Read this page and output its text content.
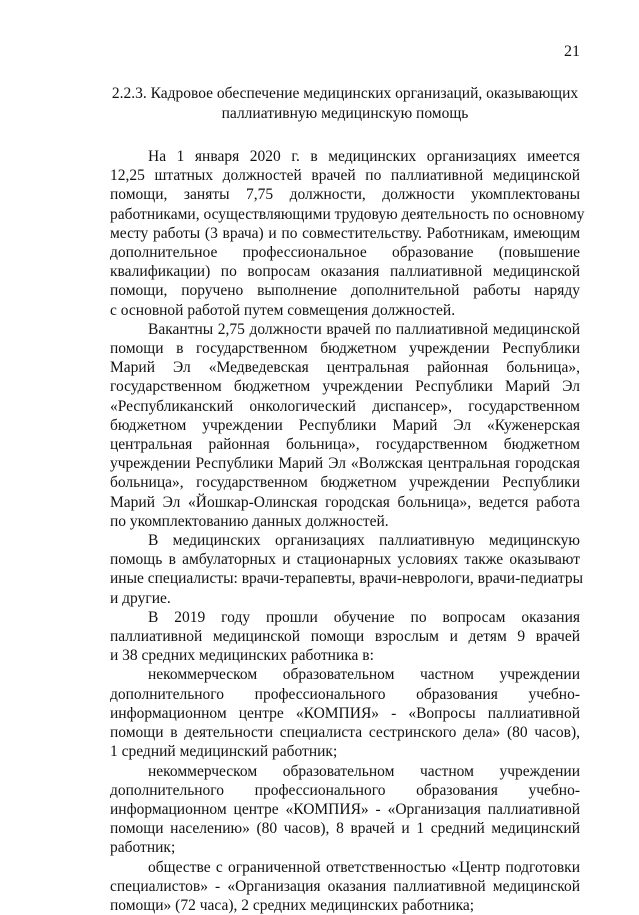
21
2.2.3. Кадровое обеспечение медицинских организаций, оказывающих
паллиативную медицинскую помощь
На 1 января 2020 г. в медицинских организациях имеется
12,25 штатных должностей врачей по паллиативной медицинской
помощи, заняты 7,75 должности, должности укомплектованы
работниками, осуществляющими трудовую деятельность по основному
месту работы (3 врача) и по совместительству. Работникам, имеющим
дополнительное профессиональное образование (повышение
квалификации) по вопросам оказания паллиативной медицинской
помощи, поручено выполнение дополнительной работы наряду
с основной работой путем совмещения должностей.
Вакантны 2,75 должности врачей по паллиативной медицинской
помощи в государственном бюджетном учреждении Республики
Марий Эл «Медведевская центральная районная больница»,
государственном бюджетном учреждении Республики Марий Эл
«Республиканский онкологический диспансер», государственном
бюджетном учреждении Республики Марий Эл «Куженерская
центральная районная больница», государственном бюджетном
учреждении Республики Марий Эл «Волжская центральная городская
больница», государственном бюджетном учреждении Республики
Марий Эл «Йошкар-Олинская городская больница», ведется работа
по укомплектованию данных должностей.
В медицинских организациях паллиативную медицинскую
помощь в амбулаторных и стационарных условиях также оказывают
иные специалисты: врачи-терапевты, врачи-неврологи, врачи-педиатры
и другие.
В 2019 году прошли обучение по вопросам оказания
паллиативной медицинской помощи взрослым и детям 9 врачей
и 38 средних медицинских работника в:
некоммерческом образовательном частном учреждении
дополнительного профессионального образования учебно-
информационном центре «КОМПИЯ» - «Вопросы паллиативной
помощи в деятельности специалиста сестринского дела» (80 часов),
1 средний медицинский работник;
некоммерческом образовательном частном учреждении
дополнительного профессионального образования учебно-
информационном центре «КОМПИЯ» - «Организация паллиативной
помощи населению» (80 часов), 8 врачей и 1 средний медицинский
работник;
обществе с ограниченной ответственностью «Центр подготовки
специалистов» - «Организация оказания паллиативной медицинской
помощи» (72 часа), 2 средних медицинских работника;
